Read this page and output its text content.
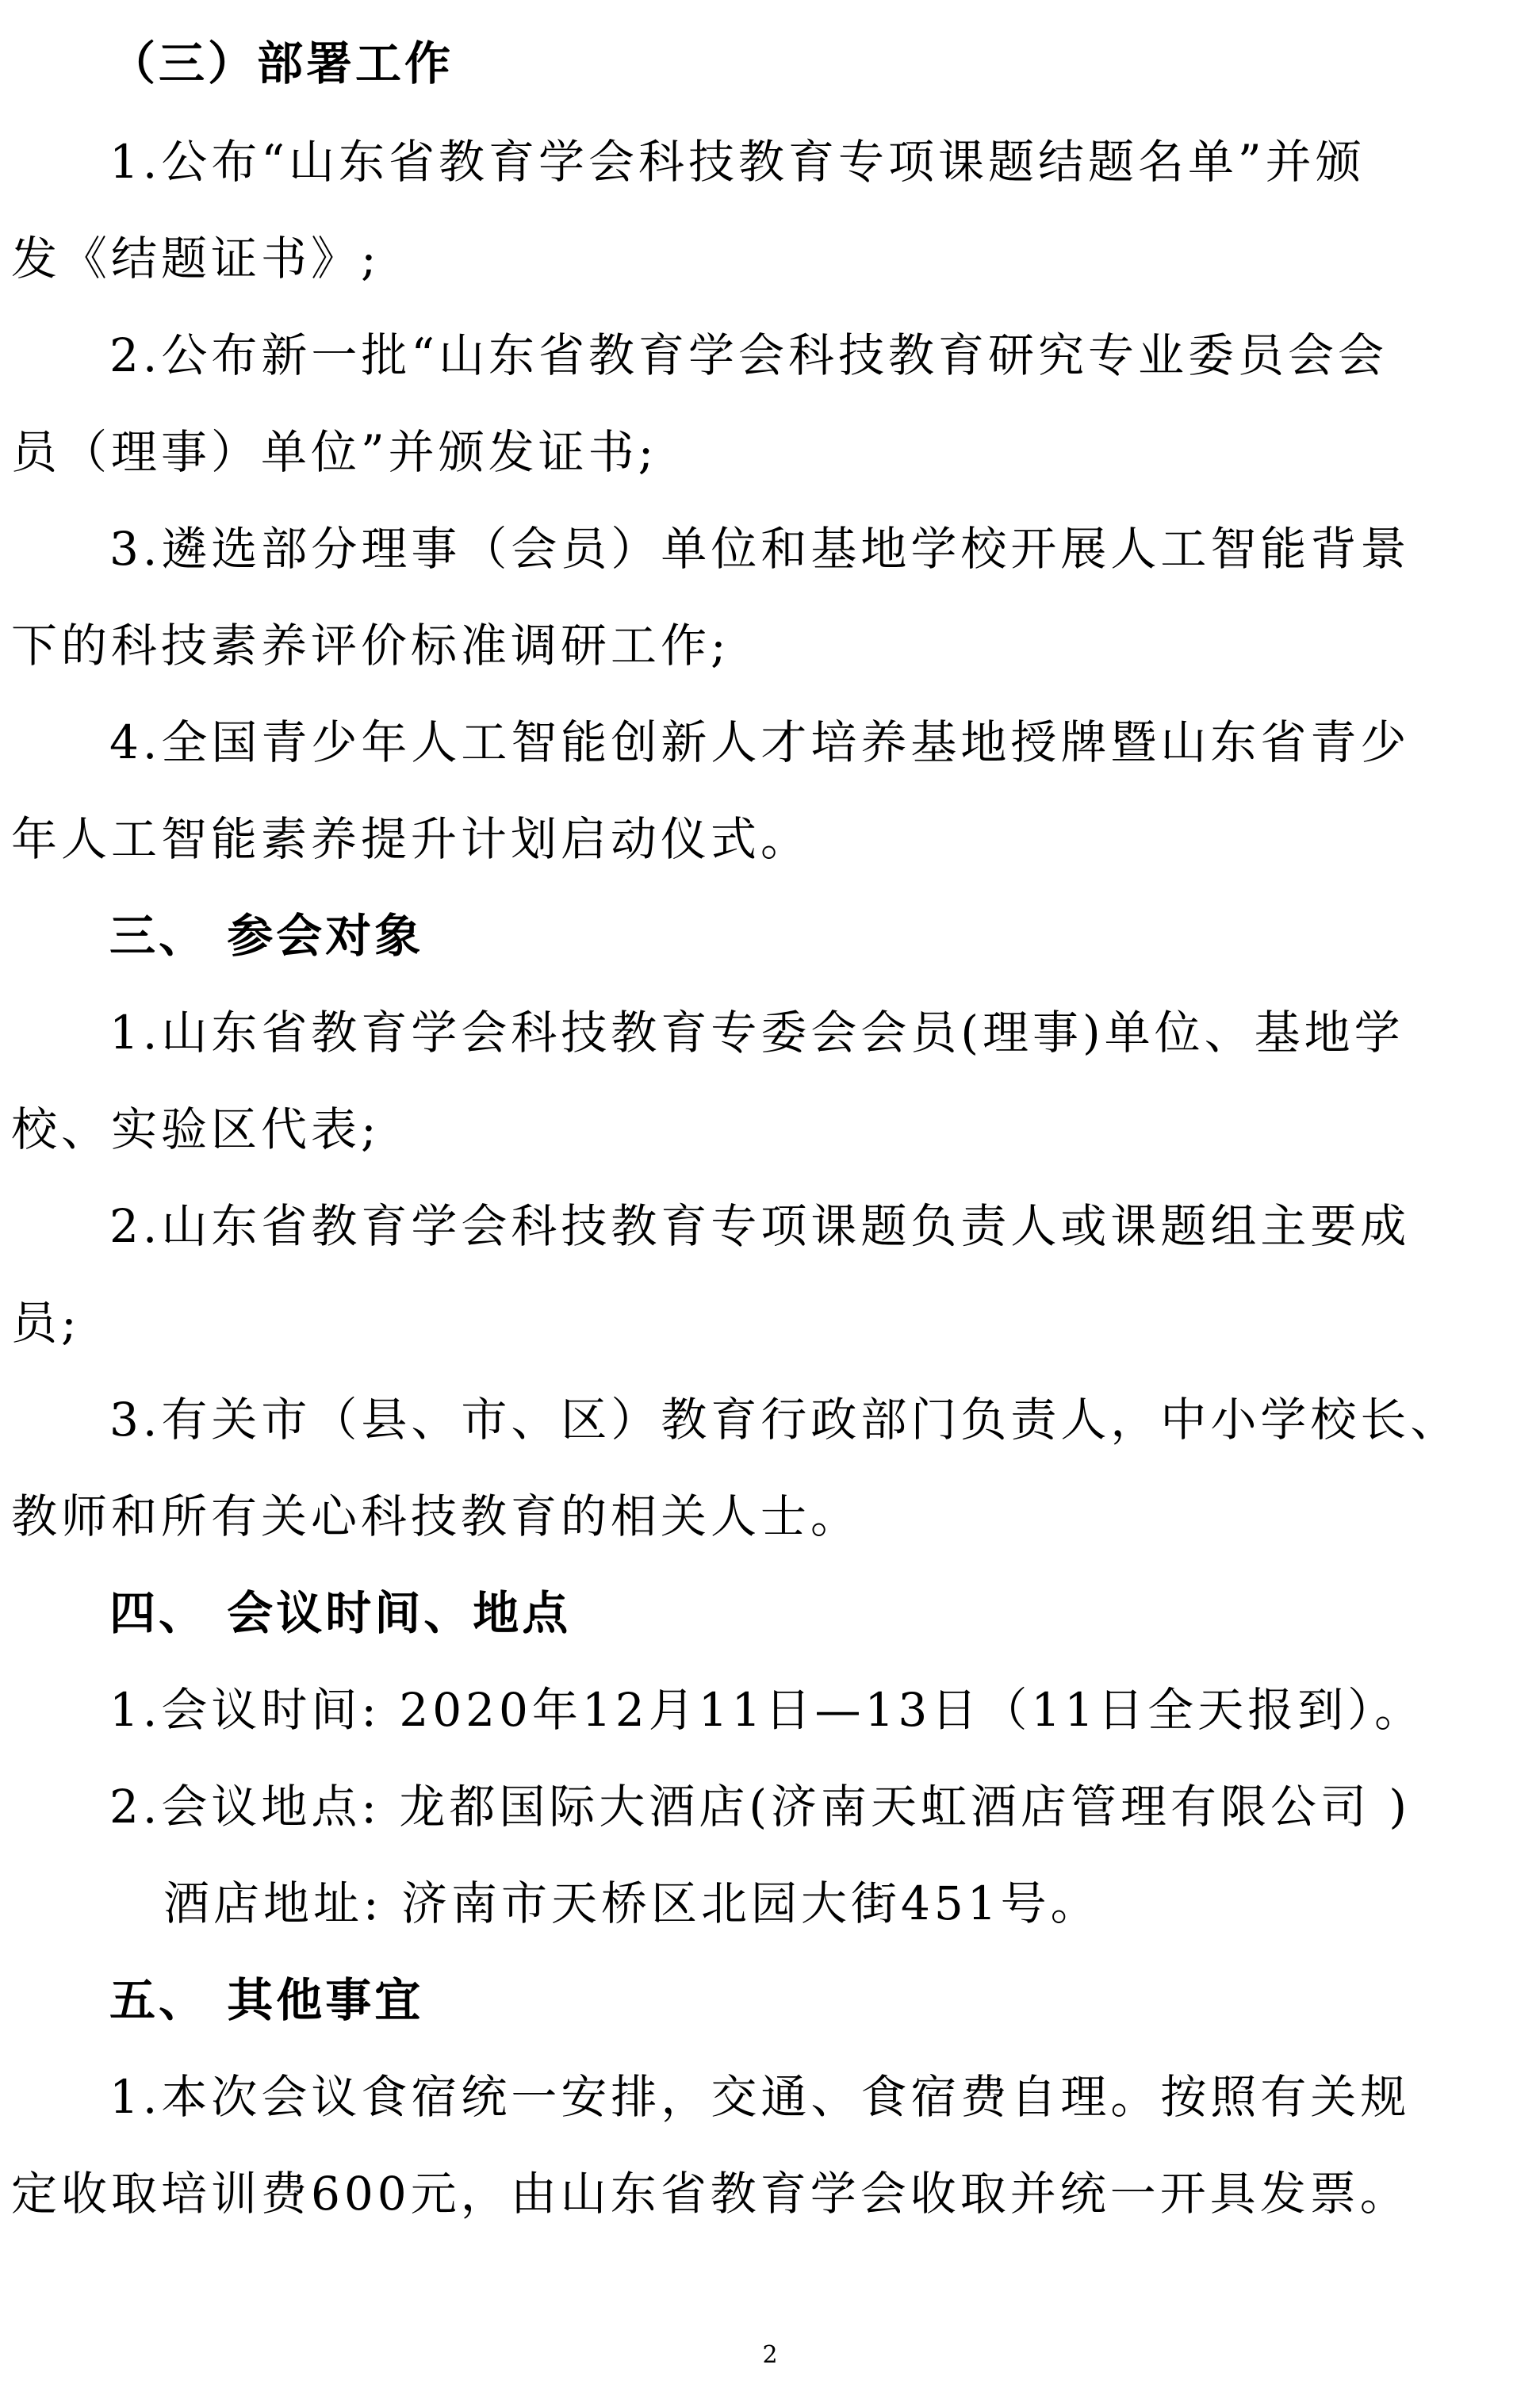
（三）部署工作
1.公布“山东省教育学会科技教育专项课题结题名单”并颁
发《结题证书》;
2.公布新一批“山东省教育学会科技教育研究专业委员会会
员（理事）单位”并颁发证书;
3.遴选部分理事（会员）单位和基地学校开展人工智能背景
下的科技素养评价标准调研工作;
4.全国青少年人工智能创新人才培养基地授牌暨山东省青少
年人工智能素养提升计划启动仪式。
三、 参会对象
1.山东省教育学会科技教育专委会会员(理事)单位、基地学
校、实验区代表;
2.山东省教育学会科技教育专项课题负责人或课题组主要成
员;
3.有关市（县、市、区）教育行政部门负责人，中小学校长、
教师和所有关心科技教育的相关人士。
四、 会议时间、地点
1.会议时间: 2020年12月11日—13日（11日全天报到）。
2.会议地点: 龙都国际大酒店(济南天虹酒店管理有限公司 )
酒店地址: 济南市天桥区北园大街451号。
五、 其他事宜
1.本次会议食宿统一安排，交通、食宿费自理。按照有关规
定收取培训费600元，由山东省教育学会收取并统一开具发票。
2
